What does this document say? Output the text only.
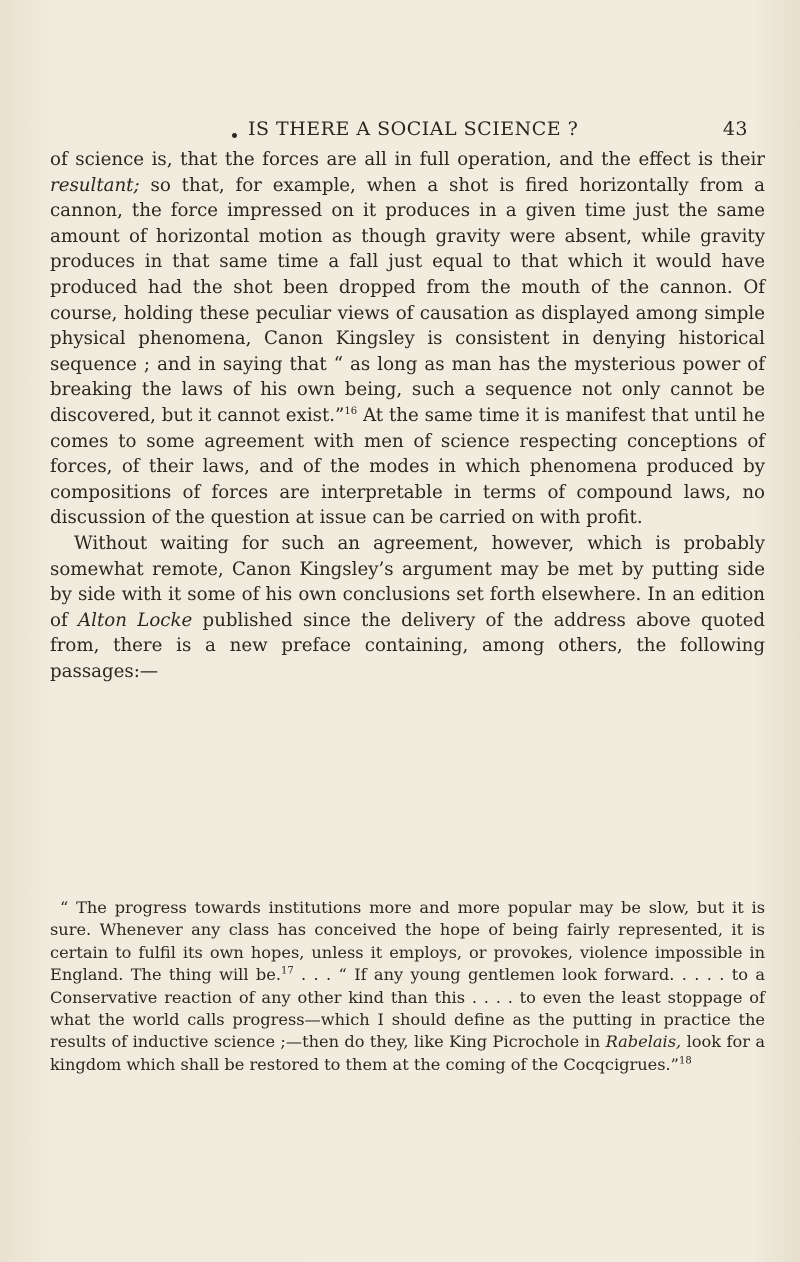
IS THERE A SOCIAL SCIENCE ?	43

of science is, that the forces are all in full operation, and the effect is their resultant; so that, for example, when a shot is fired horizontally from a cannon, the force impressed on it produces in a given time just the same amount of horizontal motion as though gravity were absent, while gravity produces in that same time a fall just equal to that which it would have produced had the shot been dropped from the mouth of the cannon. Of course, holding these peculiar views of causation as displayed among simple physical phenomena, Canon Kingsley is consistent in denying historical sequence ; and in saying that “ as long as man has the mysterious power of breaking the laws of his own being, such a sequence not only cannot be discovered, but it cannot exist.”$^{16}$ At the same time it is manifest that until he comes to some agreement with men of science respecting conceptions of forces, of their laws, and of the modes in which phenomena produced by compositions of forces are interpretable in terms of compound laws, no discussion of the question at issue can be carried on with profit.

Without waiting for such an agreement, however, which is probably somewhat remote, Canon Kingsley’s argument may be met by putting side by side with it some of his own conclusions set forth elsewhere. In an edition of Alton Locke published since the delivery of the address above quoted from, there is a new preface containing, among others, the following passages:—

“ The progress towards institutions more and more popular may be slow, but it is sure. Whenever any class has conceived the hope of being fairly represented, it is certain to fulfil its own hopes, unless it employs, or provokes, violence impossible in England. The thing will be.$^{17}$ . . . “ If any young gentlemen look forward. . . . . to a Conservative reaction of any other kind than this . . . . to even the least stoppage of what the world calls progress—which I should define as the putting in practice the results of inductive science ;—then do they, like King Picrochole in Rabelais, look for a kingdom which shall be restored to them at the coming of the Cocqcigrues.”$^{18}$
